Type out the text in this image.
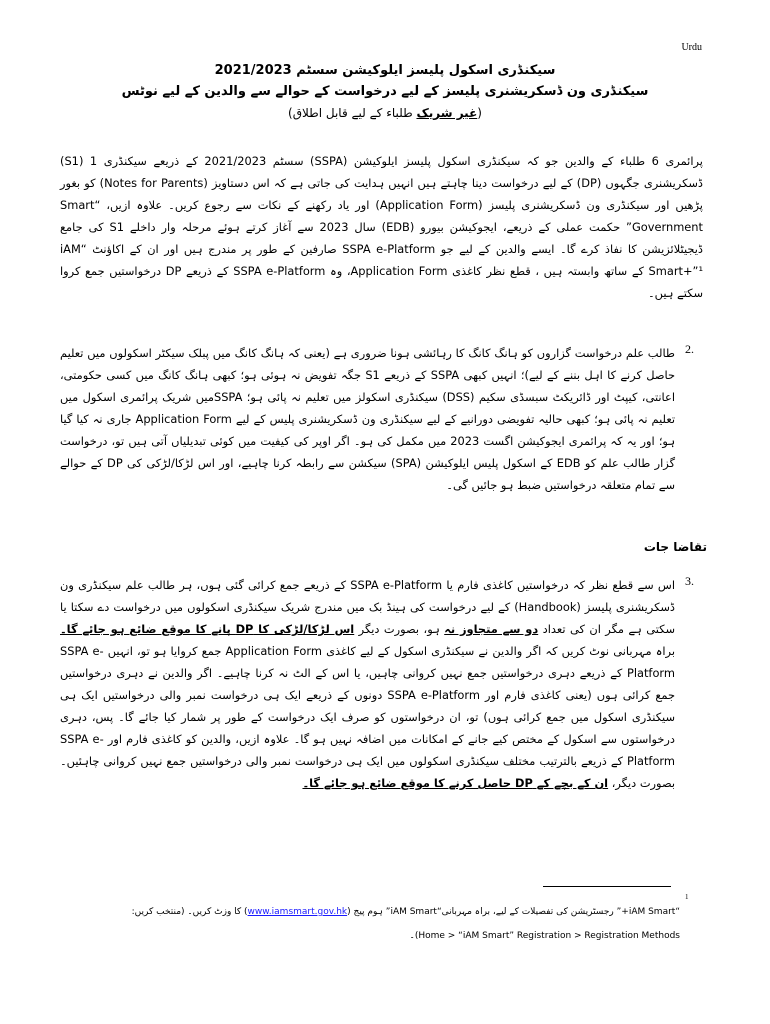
Urdu
سیکنڈری اسکول پلیسز ایلوکیشن سسٹم 2021/2023
سیکنڈری ون ڈسکریشنری پلیسز کے لیے درخواست کے حوالے سے والدین کے لیے نوٹس
(غیر شریک طلباء کے لیے قابل اطلاق)
پرائمری 6 طلباء کے والدین جو کہ سیکنڈری اسکول پلیسز ایلوکیشن (SSPA) سسٹم 2021/2023 کے ذریعے سیکنڈری 1 (S1) ڈسکریشنری جگہوں (DP) کے لیے درخواست دینا چاہتے ہیں انہیں ہدایت کی جاتی ہے کہ اس دستاویز (Notes for Parents) کو بغور پڑھیں اور سیکنڈری ون ڈسکریشنری پلیسز (Application Form) اور یاد رکھنے کے نکات سے رجوع کریں۔ علاوہ ازیں، “Smart Government” حکمت عملی کے ذریعے، ایجوکیشن بیورو (EDB) سال 2023 سے آغاز کرتے ہوئے مرحلہ وار داخلے S1 کی جامع ڈیجیٹلائزیشن کا نفاذ کرے گا۔ ایسے والدین کے لیے جو SSPA e-Platform صارفین کے طور پر مندرج ہیں اور ان کے اکاؤنٹ “iAM Smart+”¹ کے ساتھ وابستہ ہیں ، قطع نظر کاغذی Application Form، وہ SSPA e-Platform کے ذریعے DP درخواستیں جمع کروا سکتے ہیں۔
2.
طالب علم درخواست گزاروں کو ہانگ کانگ کا رہائشی ہونا ضروری ہے (یعنی کہ ہانگ کانگ میں پبلک سیکٹر اسکولوں میں تعلیم حاصل کرنے کا اہل بننے کے لیے)؛ انہیں کبھی SSPA کے ذریعے S1 جگہ تفویض نہ ہوئی ہو؛ کبھی ہانگ کانگ میں کسی حکومتی، اعانتی، کیپٹ اور ڈائریکٹ سبسڈی سکیم (DSS) سیکنڈری اسکولز میں تعلیم نہ پائی ہو؛ SSPAمیں شریک پرائمری اسکول میں تعلیم نہ پائی ہو؛ کبھی حالیہ تفویضی دورانیے کے لیے سیکنڈری ون ڈسکریشنری پلیس کے لیے Application Form جاری نہ کیا گیا ہو؛ اور یہ کہ پرائمری ایجوکیشن اگست 2023 میں مکمل کی ہو۔ اگر اوپر کی کیفیت میں کوئی تبدیلیاں آتی ہیں تو، درخواست گزار طالب علم کو EDB کے اسکول پلیس ایلوکیشن (SPA) سیکشن سے رابطہ کرنا چاہیے، اور اس لڑکا/لڑکی کی DP کے حوالے سے تمام متعلقہ درخواستیں ضبط ہو جائیں گی۔
تقاضا جات
3.
اس سے قطع نظر کہ درخواستیں کاغذی فارم یا SSPA e-Platform کے ذریعے جمع کرائی گئی ہوں، ہر طالب علم سیکنڈری ون ڈسکریشنری پلیسز (Handbook) کے لیے درخواست کی ہینڈ بک میں مندرج شریک سیکنڈری اسکولوں میں درخواست دے سکتا یا سکتی ہے مگر ان کی تعداد دو سے متجاوز نہ ہو، بصورت دیگر اس لڑکا/لڑکی کا DP پانے کا موقع ضائع ہو جائے گا۔ براہ مہربانی نوٹ کریں کہ اگر والدین نے سیکنڈری اسکول کے لیے کاغذی Application Form جمع کروایا ہو تو، انہیں SSPA e-Platform کے ذریعے دہری درخواستیں جمع نہیں کروانی چاہیں، یا اس کے الٹ نہ کرنا چاہیے۔ اگر والدین نے دہری درخواستیں جمع کرائی ہوں (یعنی کاغذی فارم اور SSPA e-Platform دونوں کے ذریعے ایک ہی درخواست نمبر والی درخواستیں ایک ہی سیکنڈری اسکول میں جمع کرائی ہوں) تو، ان درخواستوں کو صرف ایک درخواست کے طور پر شمار کیا جائے گا۔ پس، دہری درخواستوں سے اسکول کے مختص کیے جانے کے امکانات میں اضافہ نہیں ہو گا۔ علاوہ ازیں، والدین کو کاغذی فارم اور SSPA e-Platform کے ذریعے بالترتیب مختلف سیکنڈری اسکولوں میں ایک ہی درخواست نمبر والی درخواستیں جمع نہیں کروانی چاہئیں۔ بصورت دیگر، ان کے بچے کے DP حاصل کرنے کا موقع ضائع ہو جائے گا۔
1
“iAM Smart+” رجسٹریشن کی تفصیلات کے لیے، براہ مہربانی“iAM Smart” ہوم پیج (www.iamsmart.gov.hk) کا وزٹ کریں۔ (منتخب کریں:
Home > “iAM Smart” Registration > Registration Methods)۔
